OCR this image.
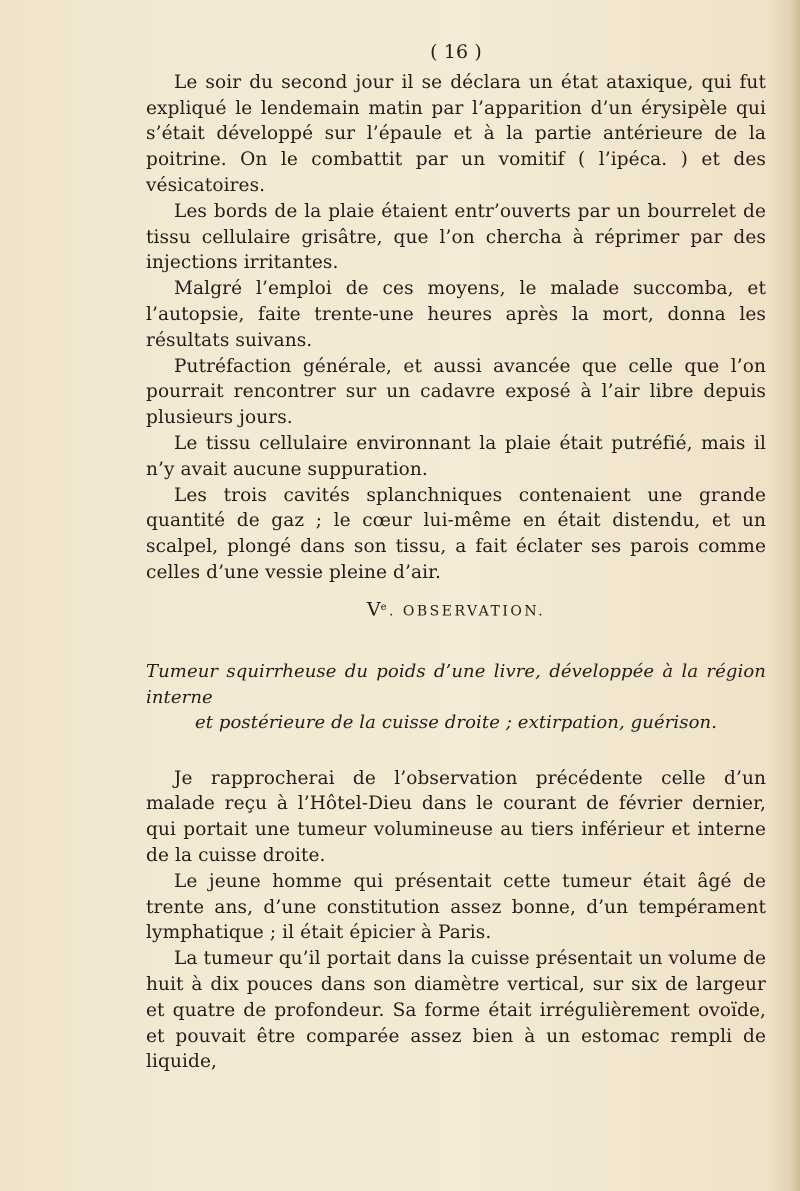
( 16 )

Le soir du second jour il se déclara un état ataxique, qui fut expliqué le lendemain matin par l’apparition d’un érysipèle qui s’était développé sur l’épaule et à la partie antérieure de la poitrine. On le combattit par un vomitif ( l’ipéca. ) et des vésicatoires.

Les bords de la plaie étaient entr’ouverts par un bourrelet de tissu cellulaire grisâtre, que l’on chercha à réprimer par des injections irritantes.

Malgré l’emploi de ces moyens, le malade succomba, et l’autopsie, faite trente-une heures après la mort, donna les résultats suivans.

Putréfaction générale, et aussi avancée que celle que l’on pourrait rencontrer sur un cadavre exposé à l’air libre depuis plusieurs jours.

Le tissu cellulaire environnant la plaie était putréfié, mais il n’y avait aucune suppuration.

Les trois cavités splanchniques contenaient une grande quantité de gaz ; le cœur lui-même en était distendu, et un scalpel, plongé dans son tissu, a fait éclater ses parois comme celles d’une vessie pleine d’air.

Ve. OBSERVATION.
Tumeur squirrheuse du poids d’une livre, développée à la région interne
et postérieure de la cuisse droite ; extirpation, guérison.

Je rapprocherai de l’observation précédente celle d’un malade reçu à l’Hôtel-Dieu dans le courant de février dernier, qui portait une tumeur volumineuse au tiers inférieur et interne de la cuisse droite.

Le jeune homme qui présentait cette tumeur était âgé de trente ans, d’une constitution assez bonne, d’un tempérament lymphatique ; il était épicier à Paris.

La tumeur qu’il portait dans la cuisse présentait un volume de huit à dix pouces dans son diamètre vertical, sur six de largeur et quatre de profondeur. Sa forme était irrégulièrement ovoïde, et pouvait être comparée assez bien à un estomac rempli de liquide,
